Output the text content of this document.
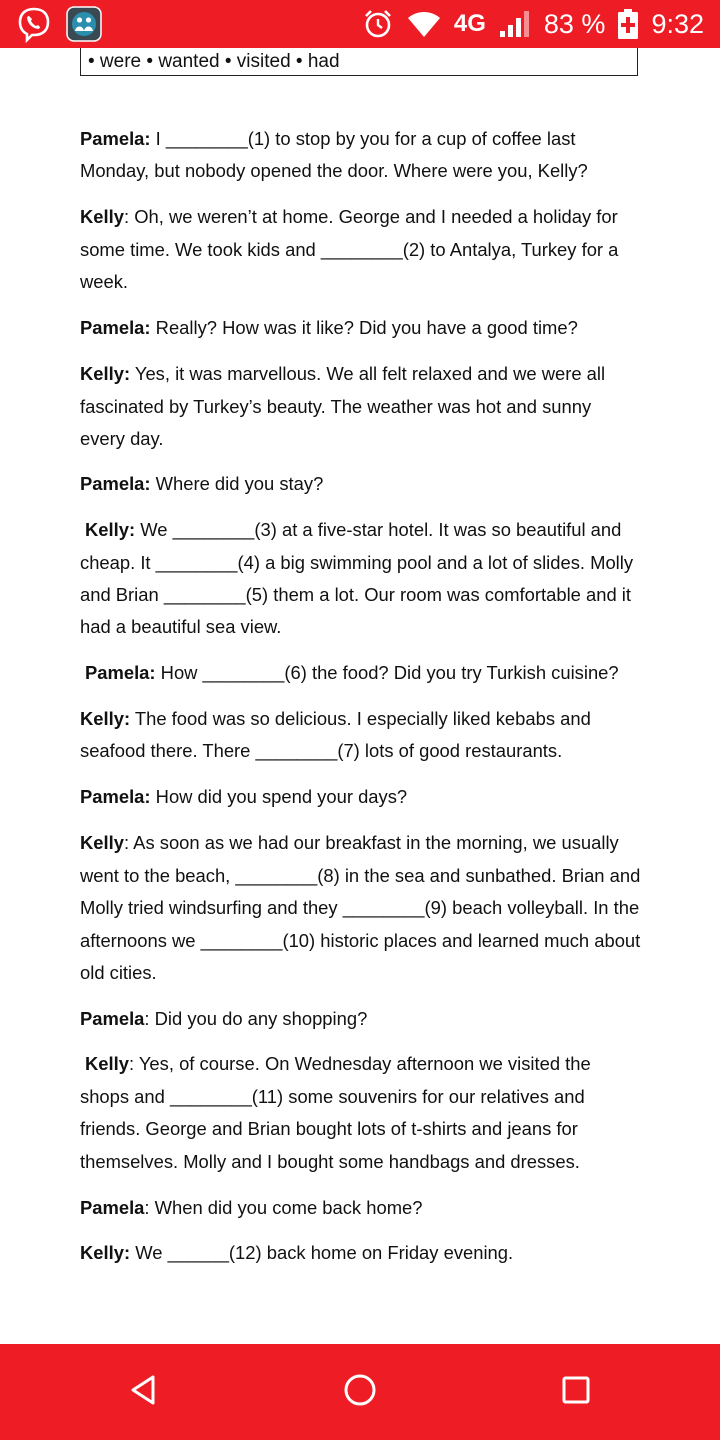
4G 83 % 9:32
• were • wanted • visited • had
Pamela: I ________(1) to stop by you for a cup of coffee last
Monday, but nobody opened the door. Where were you, Kelly?
Kelly: Oh, we weren’t at home. George and I needed a holiday for
some time. We took kids and ________(2) to Antalya, Turkey for a
week.
Pamela: Really? How was it like? Did you have a good time?
Kelly: Yes, it was marvellous. We all felt relaxed and we were all
fascinated by Turkey’s beauty. The weather was hot and sunny
every day.
Pamela: Where did you stay?
Kelly: We ________(3) at a five-star hotel. It was so beautiful and
cheap. It ________(4) a big swimming pool and a lot of slides. Molly
and Brian ________(5) them a lot. Our room was comfortable and it
had a beautiful sea view.
Pamela: How ________(6) the food? Did you try Turkish cuisine?
Kelly: The food was so delicious. I especially liked kebabs and
seafood there. There ________(7) lots of good restaurants.
Pamela: How did you spend your days?
Kelly: As soon as we had our breakfast in the morning, we usually
went to the beach, ________(8) in the sea and sunbathed. Brian and
Molly tried windsurfing and they ________(9) beach volleyball. In the
afternoons we ________(10) historic places and learned much about
old cities.
Pamela: Did you do any shopping?
Kelly: Yes, of course. On Wednesday afternoon we visited the
shops and ________(11) some souvenirs for our relatives and
friends. George and Brian bought lots of t-shirts and jeans for
themselves. Molly and I bought some handbags and dresses.
Pamela: When did you come back home?
Kelly: We ______(12) back home on Friday evening.
